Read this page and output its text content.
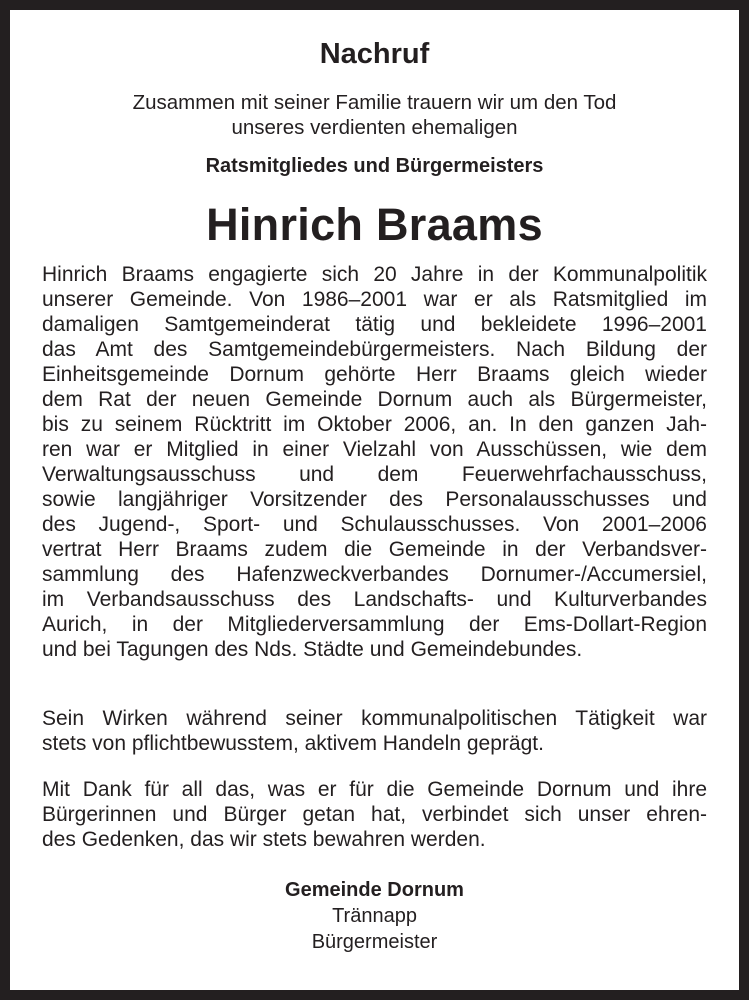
Nachruf
Zusammen mit seiner Familie trauern wir um den Tod
unseres verdienten ehemaligen
Ratsmitgliedes und Bürgermeisters
Hinrich Braams
Hinrich Braams engagierte sich 20 Jahre in der Kommunalpolitik
unserer Gemeinde. Von 1986–2001 war er als Ratsmitglied im
damaligen Samtgemeinderat tätig und bekleidete 1996–2001
das Amt des Samtgemeindebürgermeisters. Nach Bildung der
Einheitsgemeinde Dornum gehörte Herr Braams gleich wieder
dem Rat der neuen Gemeinde Dornum auch als Bürgermeister,
bis zu seinem Rücktritt im Oktober 2006, an. In den ganzen Jah-
ren war er Mitglied in einer Vielzahl von Ausschüssen, wie dem
Verwaltungsausschuss und dem Feuerwehrfachausschuss,
sowie langjähriger Vorsitzender des Personalausschusses und
des Jugend-, Sport- und Schulausschusses. Von 2001–2006
vertrat Herr Braams zudem die Gemeinde in der Verbandsver-
sammlung des Hafenzweckverbandes Dornumer-/Accumersiel,
im Verbandsausschuss des Landschafts- und Kulturverbandes
Aurich, in der Mitgliederversammlung der Ems-Dollart-Region
und bei Tagungen des Nds. Städte und Gemeindebundes.
Sein Wirken während seiner kommunalpolitischen Tätigkeit war
stets von pflichtbewusstem, aktivem Handeln geprägt.
Mit Dank für all das, was er für die Gemeinde Dornum und ihre
Bürgerinnen und Bürger getan hat, verbindet sich unser ehren-
des Gedenken, das wir stets bewahren werden.
Gemeinde Dornum
Trännapp
Bürgermeister
